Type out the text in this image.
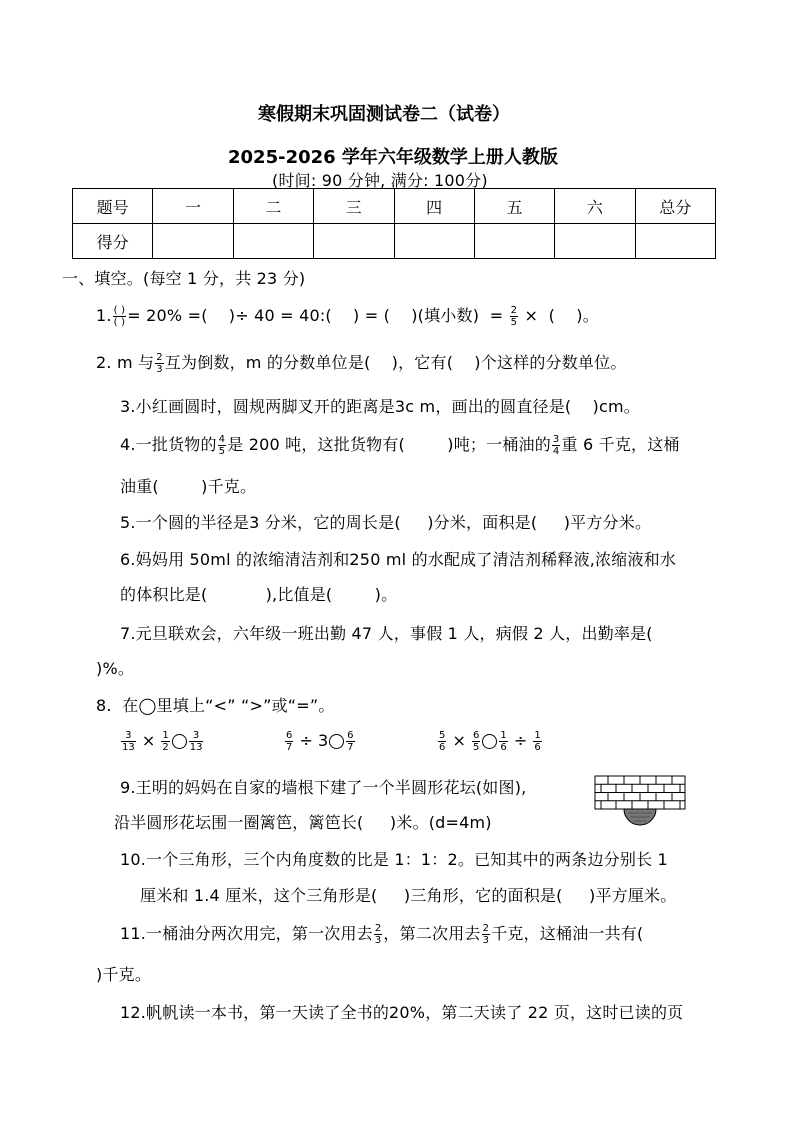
寒假期末巩固测试卷二（试卷）
2025-2026 学年六年级数学上册人教版
(时间: 90 分钟, 满分: 100分)
题号	一	二	三	四	五	六	总分
得分							
一、填空。(每空 1 分，共 23 分)
1. $\frac{( )}{( )} = 20\%$ =(    )÷ 40 = 40:(    ) = (    )(填小数)  = $\frac{2}{5}$ ×  (    )。
2. m 与 $\frac{2}{3}$ 互为倒数，m 的分数单位是(    )，它有(    )个这样的分数单位。
3.小红画圆时，圆规两脚叉开的距离是3c m，画出的圆直径是(    )cm。
4.一批货物的 $\frac{4}{5}$ 是 200 吨，这批货物有(        )吨；一桶油的 $\frac{3}{4}$ 重 6 千克，这桶
油重(        )千克。
5.一个圆的半径是3 分米，它的周长是(     )分米，面积是(     )平方分米。
6.妈妈用 50ml 的浓缩清洁剂和250 ml 的水配成了清洁剂稀释液,浓缩液和水
的体积比是(           ),比值是(        )。
7.元旦联欢会，六年级一班出勤 47 人，事假 1 人，病假 2 人，出勤率是(
)%。
8.  在◯里填上“<” “>”或“=”。
$\frac{3}{13} \times \frac{1}{2} \frac{3}{13}$	$\frac{6}{7} \div 3 \frac{6}{7}$	$\frac{5}{6} \times \frac{6}{5} \frac{1}{6} \div \frac{1}{6}$
9.王明的妈妈在自家的墙根下建了一个半圆形花坛(如图),
沿半圆形花坛围一圈篱笆，篱笆长(     )米。(d=4m)
10.一个三角形，三个内角度数的比是 1：1：2。已知其中的两条边分别长 1
厘米和 1.4 厘米，这个三角形是(     )三角形，它的面积是(     )平方厘米。
11.一桶油分两次用完，第一次用去 $\frac{2}{3}$ ，第二次用去 $\frac{2}{3}$ 千克，这桶油一共有(
)千克。
12.帆帆读一本书，第一天读了全书的20%，第二天读了 22 页，这时已读的页
